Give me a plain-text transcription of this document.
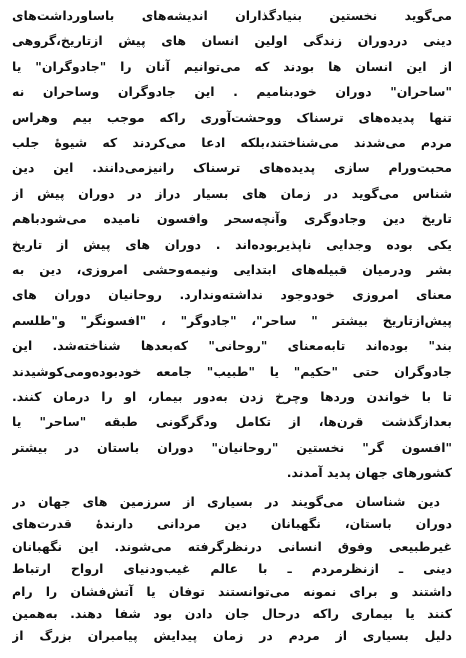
می‌گوید نخستین بنیادگذاران اندیشه‌های باساورداشت‌های
دینی دردوران زندگی اولین انسان های پیش ازتاریخ،گروهی
از این انسان ها بودند که می‌توانیم آنان را "جادوگران" یا
"ساحران" دوران خودبنامیم . این جادوگران وساحران نه
تنها پدیده‌های ترسناک ووحشت‌آوری راکه موجب بیم وهراس
مردم می‌شدند می‌شناختند،بلکه ادعا می‌کردند که شیوهٔ جلب
محبت‌ورام سازی پدیده‌های ترسناک رانیزمی‌دانند. این دین
شناس می‌گوید در زمان های بسیار دراز در دوران پیش از
تاریخ دین وجادوگری وآنچه‌سحر وافسون نامیده می‌شودباهم
یکی بوده وجدایی ناپذیربوده‌اند . دوران های پیش از تاریخ
بشر ودرمیان قبیله‌های ابتدایی ونیمه‌وحشی امروزی، دین به
معنای امروزی خودوجود نداشته‌وندارد. روحانیان دوران های
پیش‌ازتاریخ بیشتر " ساحر"، "جادوگر" ، "افسونگر" و"طلسم
بند" بوده‌اند تابه‌معنای "روحانی" که‌بعدها شناخته‌شد. این
جادوگران حتی "حکیم" یا "طبیب" جامعه خودبوده‌ومی‌کوشیدند
تا با خواندن وردها وچرخ زدن به‌دور بیمار، او را درمان کنند.
بعدازگذشت قرن‌ها، از تکامل ودگرگونی طبقه "ساحر" یا
"افسون گر" نخستین "روحانیان" دوران باستان در بیشتر
کشورهای جهان پدید آمدند.
دین شناسان می‌گویند در بسیاری از سرزمین های جهان در
دوران باستان، نگهبانان دین مردانی دارندهٔ قدرت‌های
غیرطبیعی وفوق انسانی درنظرگرفته می‌شوند. این نگهبانان
دینی ـ ازنظرمردم ـ با عالم غیب‌ودنیای ارواح ارتباط
داشتند و برای نمونه می‌توانستند توفان یا آتش‌فشان را رام
کنند یا بیماری راکه درحال جان دادن بود شفا دهند. به‌همین
دلیل بسیاری از مردم در زمان پیدایش پیامبران بزرگ از
